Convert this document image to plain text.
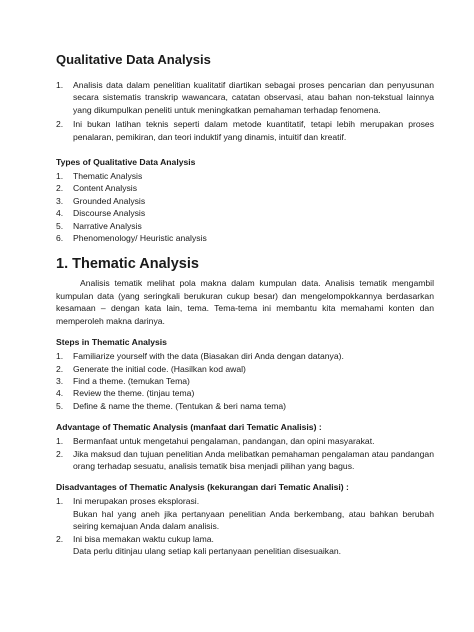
Qualitative Data Analysis
1. Analisis data dalam penelitian kualitatif diartikan sebagai proses pencarian dan penyusunan secara sistematis transkrip wawancara, catatan observasi, atau bahan non-tekstual lainnya yang dikumpulkan peneliti untuk meningkatkan pemahaman terhadap fenomena.
2. Ini bukan latihan teknis seperti dalam metode kuantitatif, tetapi lebih merupakan proses penalaran, pemikiran, dan teori induktif yang dinamis, intuitif dan kreatif.
Types of Qualitative Data Analysis
1. Thematic Analysis
2. Content Analysis
3. Grounded Analysis
4. Discourse Analysis
5. Narrative Analysis
6. Phenomenology/ Heuristic analysis
1. Thematic Analysis

Analisis tematik melihat pola makna dalam kumpulan data. Analisis tematik mengambil kumpulan data (yang seringkali berukuran cukup besar) dan mengelompokkannya berdasarkan kesamaan – dengan kata lain, tema. Tema-tema ini membantu kita memahami konten dan memperoleh makna darinya.

Steps in Thematic Analysis
1. Familiarize yourself with the data (Biasakan diri Anda dengan datanya).
2. Generate the initial code. (Hasilkan kod awal)
3. Find a theme. (temukan Tema)
4. Review the theme. (tinjau tema)
5. Define & name the theme. (Tentukan & beri nama tema)
Advantage of Thematic Analysis (manfaat dari Tematic Analisis) :
1. Bermanfaat untuk mengetahui pengalaman, pandangan, dan opini masyarakat.
2. Jika maksud dan tujuan penelitian Anda melibatkan pemahaman pengalaman atau pandangan orang terhadap sesuatu, analisis tematik bisa menjadi pilihan yang bagus.
Disadvantages of Thematic Analysis (kekurangan dari Tematic Analisi) :
1. Ini merupakan proses eksplorasi.
Bukan hal yang aneh jika pertanyaan penelitian Anda berkembang, atau bahkan berubah seiring kemajuan Anda dalam analisis.
2. Ini bisa memakan waktu cukup lama.
Data perlu ditinjau ulang setiap kali pertanyaan penelitian disesuaikan.
